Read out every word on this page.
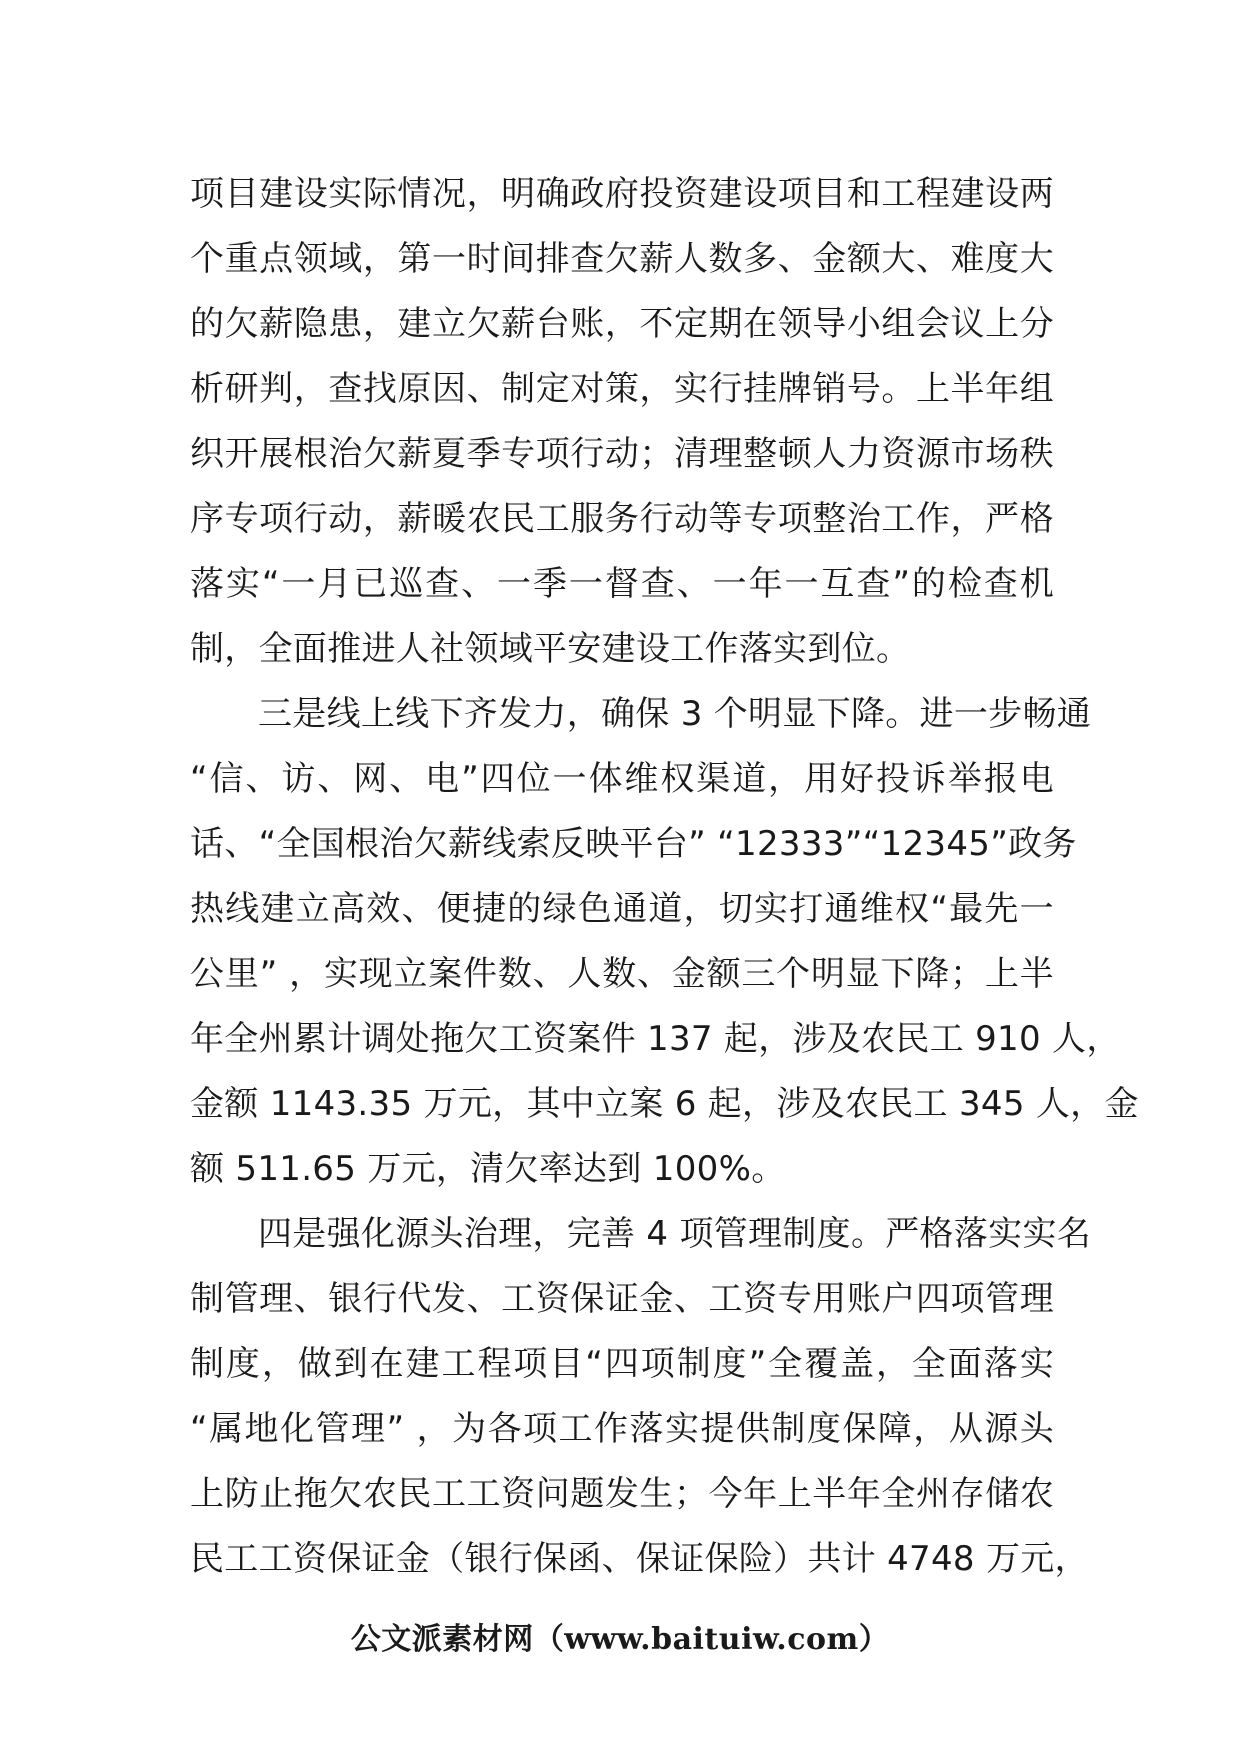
项目建设实际情况，明确政府投资建设项目和工程建设两
个重点领域，第一时间排查欠薪人数多、金额大、难度大
的欠薪隐患，建立欠薪台账，不定期在领导小组会议上分
析研判，查找原因、制定对策，实行挂牌销号。上半年组
织开展根治欠薪夏季专项行动；清理整顿人力资源市场秩
序专项行动，薪暖农民工服务行动等专项整治工作，严格
落实“一月已巡查、一季一督查、一年一互查”的检查机
制，全面推进人社领域平安建设工作落实到位。
三是线上线下齐发力，确保 3 个明显下降。进一步畅通
“信、访、网、电”四位一体维权渠道，用好投诉举报电
话、“全国根治欠薪线索反映平台” “12333”“12345”政务
热线建立高效、便捷的绿色通道，切实打通维权“最先一
公里” ，实现立案件数、人数、金额三个明显下降；上半
年全州累计调处拖欠工资案件 137 起，涉及农民工 910 人，
金额 1143.35 万元，其中立案 6 起，涉及农民工 345 人，金
额 511.65 万元，清欠率达到 100%。
四是强化源头治理，完善 4 项管理制度。严格落实实名
制管理、银行代发、工资保证金、工资专用账户四项管理
制度，做到在建工程项目“四项制度”全覆盖，全面落实
“属地化管理” ，为各项工作落实提供制度保障，从源头
上防止拖欠农民工工资问题发生；今年上半年全州存储农
民工工资保证金（银行保函、保证保险）共计 4748 万元，
公文派素材网（www.baituiw.com）
